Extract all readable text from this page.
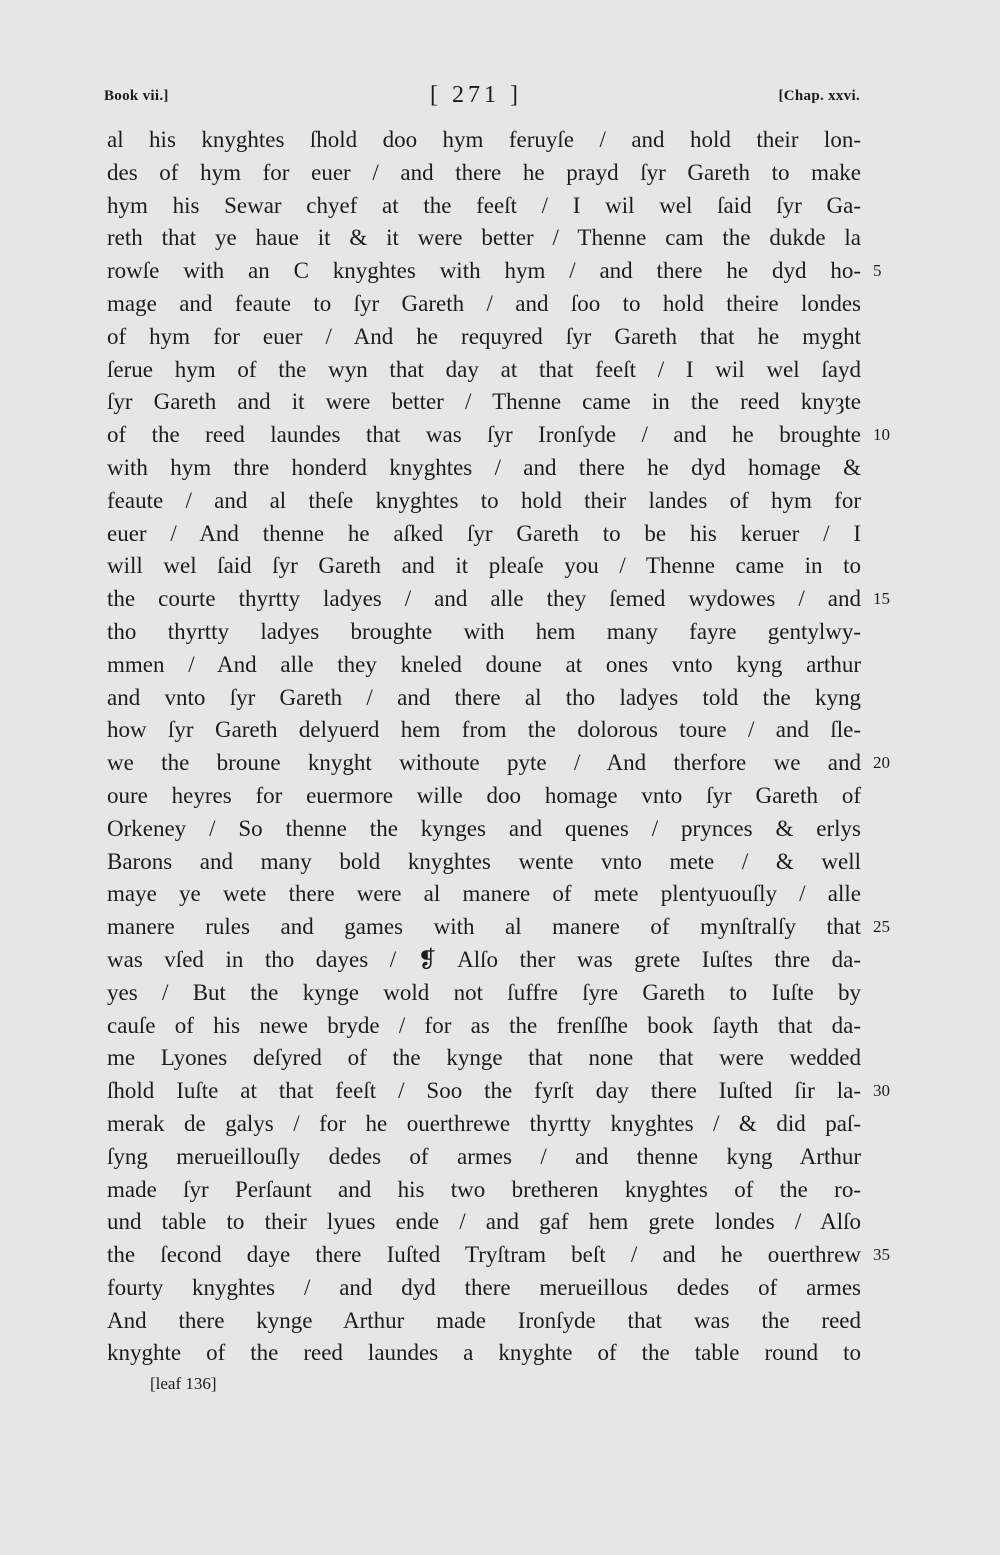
Book vii.]	[ 271 ]	[Chap. xxvi.
al his knyghtes ſhold doo hym feruyſe / and hold their lon-
des of hym for euer / and there he prayd ſyr Gareth to make
hym his Sewar chyef at the feeſt / I wil wel ſaid ſyr Ga-
reth that ye haue it & it were better / Thenne cam the dukde la
rowſe with an C knyghtes with hym / and there he dyd ho- 5
mage and feaute to ſyr Gareth / and ſoo to hold theire londes
of hym for euer / And he requyred ſyr Gareth that he myght
ſerue hym of the wyn that day at that feeſt / I wil wel ſayd
ſyr Gareth and it were better / Thenne came in the reed knyȝte
of the reed laundes that was ſyr Ironſyde / and he broughte 10
with hym thre honderd knyghtes / and there he dyd homage &
feaute / and al theſe knyghtes to hold their landes of hym for
euer / And thenne he aſked ſyr Gareth to be his keruer / I
will wel ſaid ſyr Gareth and it pleaſe you / Thenne came in to
the courte thyrtty ladyes / and alle they ſemed wydowes / and 15
tho thyrtty ladyes broughte with hem many fayre gentylwy-
mmen / And alle they kneled doune at ones vnto kyng arthur
and vnto ſyr Gareth / and there al tho ladyes told the kyng
how ſyr Gareth delyuerd hem from the dolorous toure / and ſle-
we the broune knyght withoute pyte / And therfore we and 20
oure heyres for euermore wille doo homage vnto ſyr Gareth of
Orkeney / So thenne the kynges and quenes / prynces & erlys
Barons and many bold knyghtes wente vnto mete / & well
maye ye wete there were al manere of mete plentyuouſly / alle
manere rules and games with al manere of mynſtralſy that 25
was vſed in tho dayes / ❡ Alſo ther was grete Iuſtes thre da-
yes / But the kynge wold not ſuffre ſyre Gareth to Iuſte by
cauſe of his newe bryde / for as the frenſſhe book ſayth that da-
me Lyones deſyred of the kynge that none that were wedded
ſhold Iuſte at that feeſt / Soo the fyrſt day there Iuſted ſir la- 30
merak de galys / for he ouerthrewe thyrtty knyghtes / & did paſ-
ſyng merueillouſly dedes of armes / and thenne kyng Arthur
made ſyr Perſaunt and his two bretheren knyghtes of the ro-
und table to their lyues ende / and gaf hem grete londes / Alſo
the ſecond daye there Iuſted Tryſtram beſt / and he ouerthrew 35
fourty knyghtes / and dyd there merueillous dedes of armes
And there kynge Arthur made Ironſyde that was the reed
knyghte of the reed laundes a knyghte of the table round to
[leaf 136]
